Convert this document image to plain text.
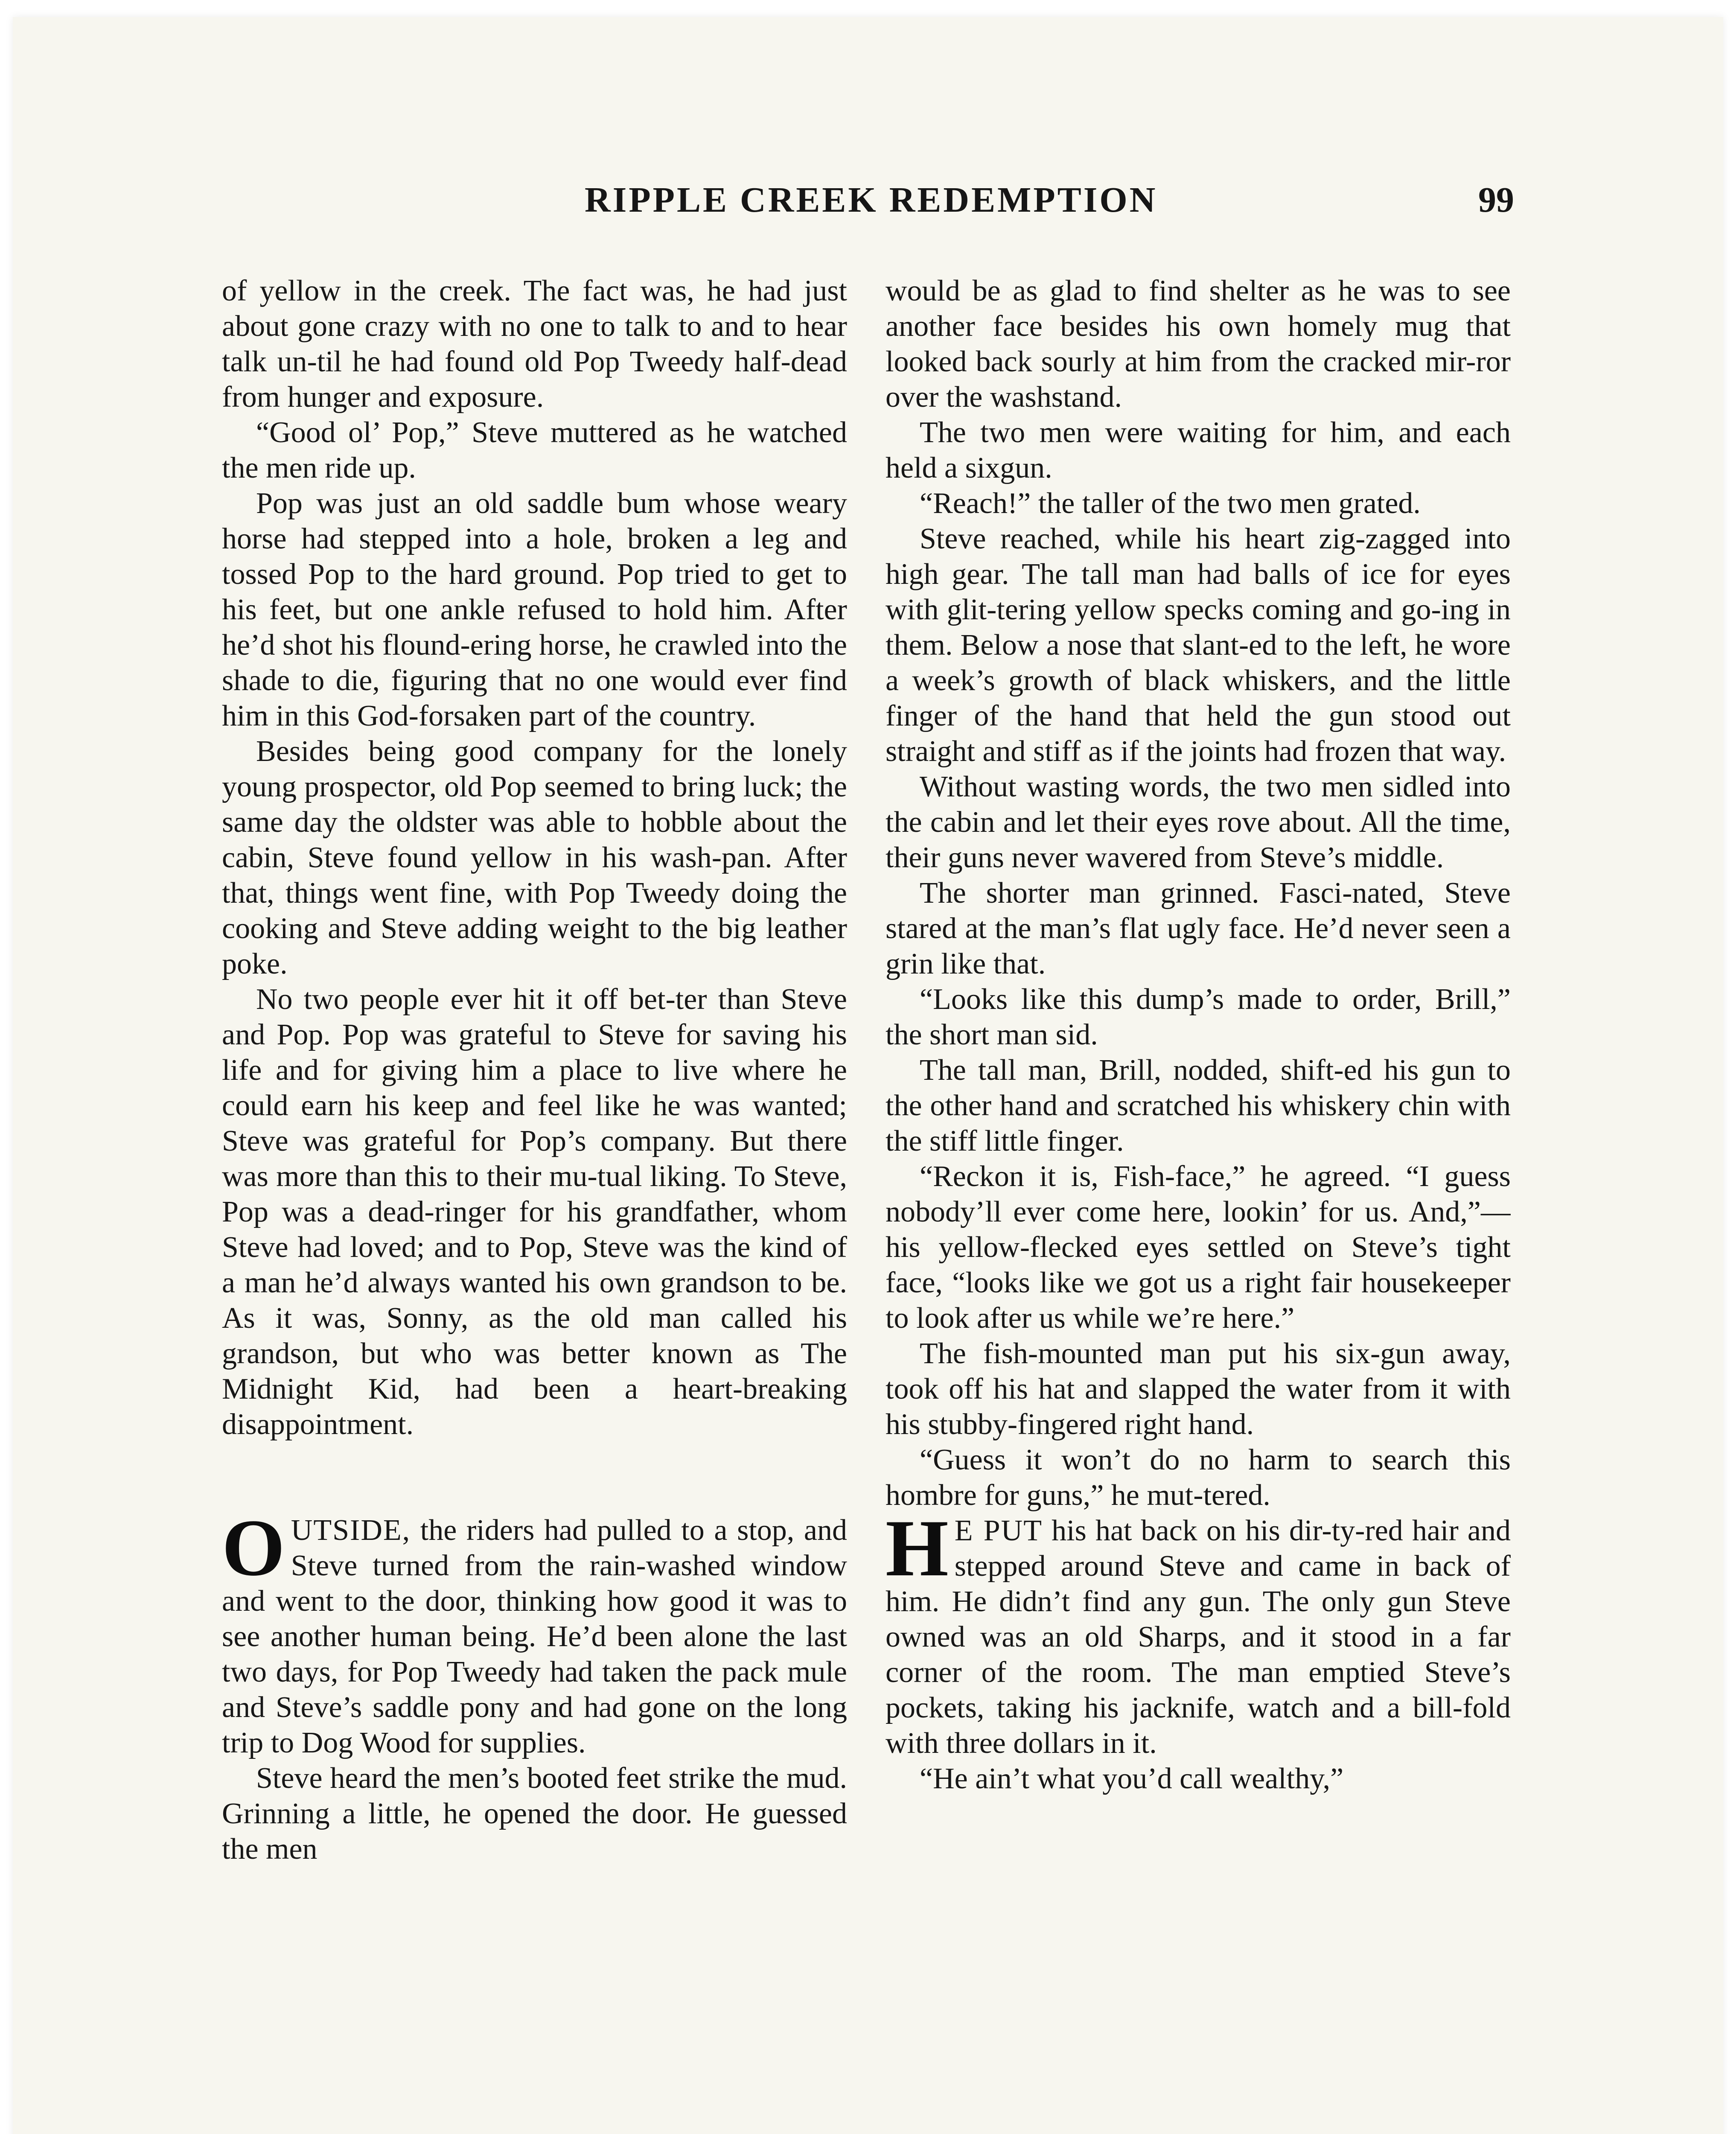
RIPPLE CREEK REDEMPTION	99

of yellow in the creek. The fact was, he had just about gone crazy with no one to talk to and to hear talk un-til he had found old Pop Tweedy half-dead from hunger and exposure.

“Good ol’ Pop,” Steve muttered as he watched the men ride up.

Pop was just an old saddle bum whose weary horse had stepped into a hole, broken a leg and tossed Pop to the hard ground. Pop tried to get to his feet, but one ankle refused to hold him. After he’d shot his flound-ering horse, he crawled into the shade to die, figuring that no one would ever find him in this God-forsaken part of the country.

Besides being good company for the lonely young prospector, old Pop seemed to bring luck; the same day the oldster was able to hobble about the cabin, Steve found yellow in his wash-pan. After that, things went fine, with Pop Tweedy doing the cooking and Steve adding weight to the big leather poke.

No two people ever hit it off bet-ter than Steve and Pop. Pop was grateful to Steve for saving his life and for giving him a place to live where he could earn his keep and feel like he was wanted; Steve was grateful for Pop’s company. But there was more than this to their mu-tual liking. To Steve, Pop was a dead-ringer for his grandfather, whom Steve had loved; and to Pop, Steve was the kind of a man he’d always wanted his own grandson to be. As it was, Sonny, as the old man called his grandson, but who was better known as The Midnight Kid, had been a heart-breaking disappointment.

OUTSIDE, the riders had pulled to a stop, and Steve turned from the rain-washed window and went to the door, thinking how good it was to see another human being. He’d been alone the last two days, for Pop Tweedy had taken the pack mule and Steve’s saddle pony and had gone on the long trip to Dog Wood for supplies.

Steve heard the men’s booted feet strike the mud. Grinning a little, he opened the door. He guessed the men

would be as glad to find shelter as he was to see another face besides his own homely mug that looked back sourly at him from the cracked mir-ror over the washstand.

The two men were waiting for him, and each held a sixgun.

“Reach!” the taller of the two men grated.

Steve reached, while his heart zig-zagged into high gear. The tall man had balls of ice for eyes with glit-tering yellow specks coming and go-ing in them. Below a nose that slant-ed to the left, he wore a week’s growth of black whiskers, and the little finger of the hand that held the gun stood out straight and stiff as if the joints had frozen that way.

Without wasting words, the two men sidled into the cabin and let their eyes rove about. All the time, their guns never wavered from Steve’s middle.

The shorter man grinned. Fasci-nated, Steve stared at the man’s flat ugly face. He’d never seen a grin like that.

“Looks like this dump’s made to order, Brill,” the short man sid.

The tall man, Brill, nodded, shift-ed his gun to the other hand and scratched his whiskery chin with the stiff little finger.

“Reckon it is, Fish-face,” he agreed. “I guess nobody’ll ever come here, lookin’ for us. And,”—his yellow-flecked eyes settled on Steve’s tight face, “looks like we got us a right fair housekeeper to look after us while we’re here.”

The fish-mounted man put his six-gun away, took off his hat and slapped the water from it with his stubby-fingered right hand.

“Guess it won’t do no harm to search this hombre for guns,” he mut-tered.

H E PUT his hat back on his dir-ty-red hair and stepped around Steve and came in back of him. He didn’t find any gun. The only gun Steve owned was an old Sharps, and it stood in a far corner of the room. The man emptied Steve’s pockets, taking his jacknife, watch and a bill-fold with three dollars in it.

“He ain’t what you’d call wealthy,”
